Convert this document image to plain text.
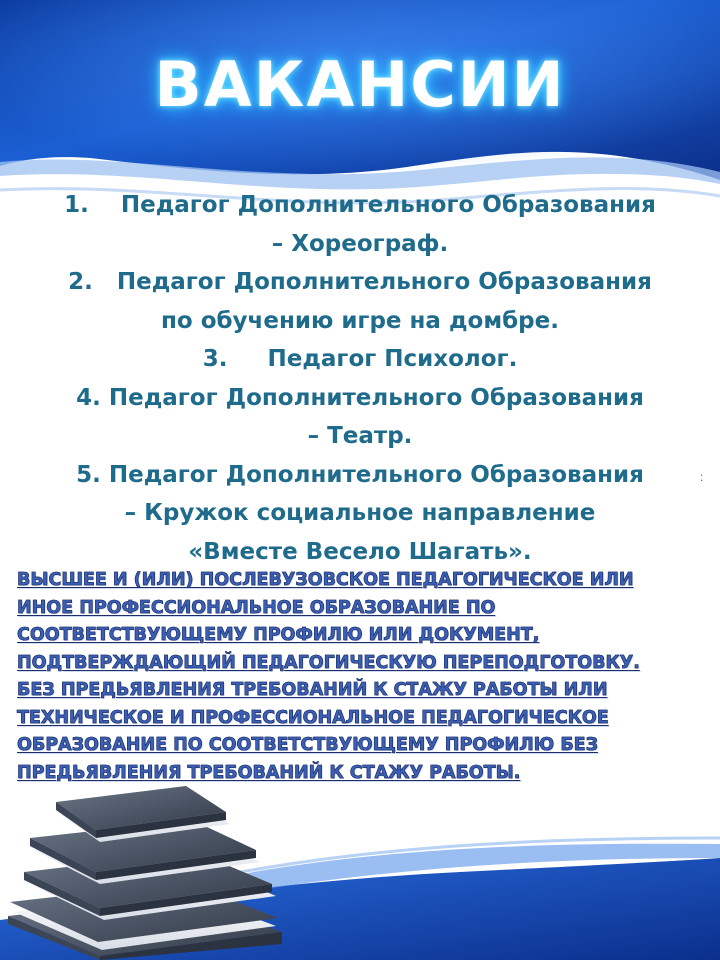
ВАКАНСИИ
1. Педагог Дополнительного Образования
– Хореограф.
2. Педагог Дополнительного Образования
по обучению игре на домбре.
3. Педагог Психолог.
4. Педагог Дополнительного Образования
– Театр.
5. Педагог Дополнительного Образования
– Кружок социальное направление
«Вместе Весело Шагать».
:
ВЫСШЕЕ И (ИЛИ) ПОСЛЕВУЗОВСКОЕ ПЕДАГОГИЧЕСКОЕ ИЛИ
ИНОЕ ПРОФЕССИОНАЛЬНОЕ ОБРАЗОВАНИЕ ПО
СООТВЕТСТВУЮЩЕМУ ПРОФИЛЮ ИЛИ ДОКУМЕНТ,
ПОДТВЕРЖДАЮЩИЙ ПЕДАГОГИЧЕСКУЮ ПЕРЕПОДГОТОВКУ.
БЕЗ ПРЕДЬЯВЛЕНИЯ ТРЕБОВАНИЙ К СТАЖУ РАБОТЫ ИЛИ
ТЕХНИЧЕСКОЕ И ПРОФЕССИОНАЛЬНОЕ ПЕДАГОГИЧЕСКОЕ
ОБРАЗОВАНИЕ ПО СООТВЕТСТВУЮЩЕМУ ПРОФИЛЮ БЕЗ
ПРЕДЬЯВЛЕНИЯ ТРЕБОВАНИЙ К СТАЖУ РАБОТЫ.
